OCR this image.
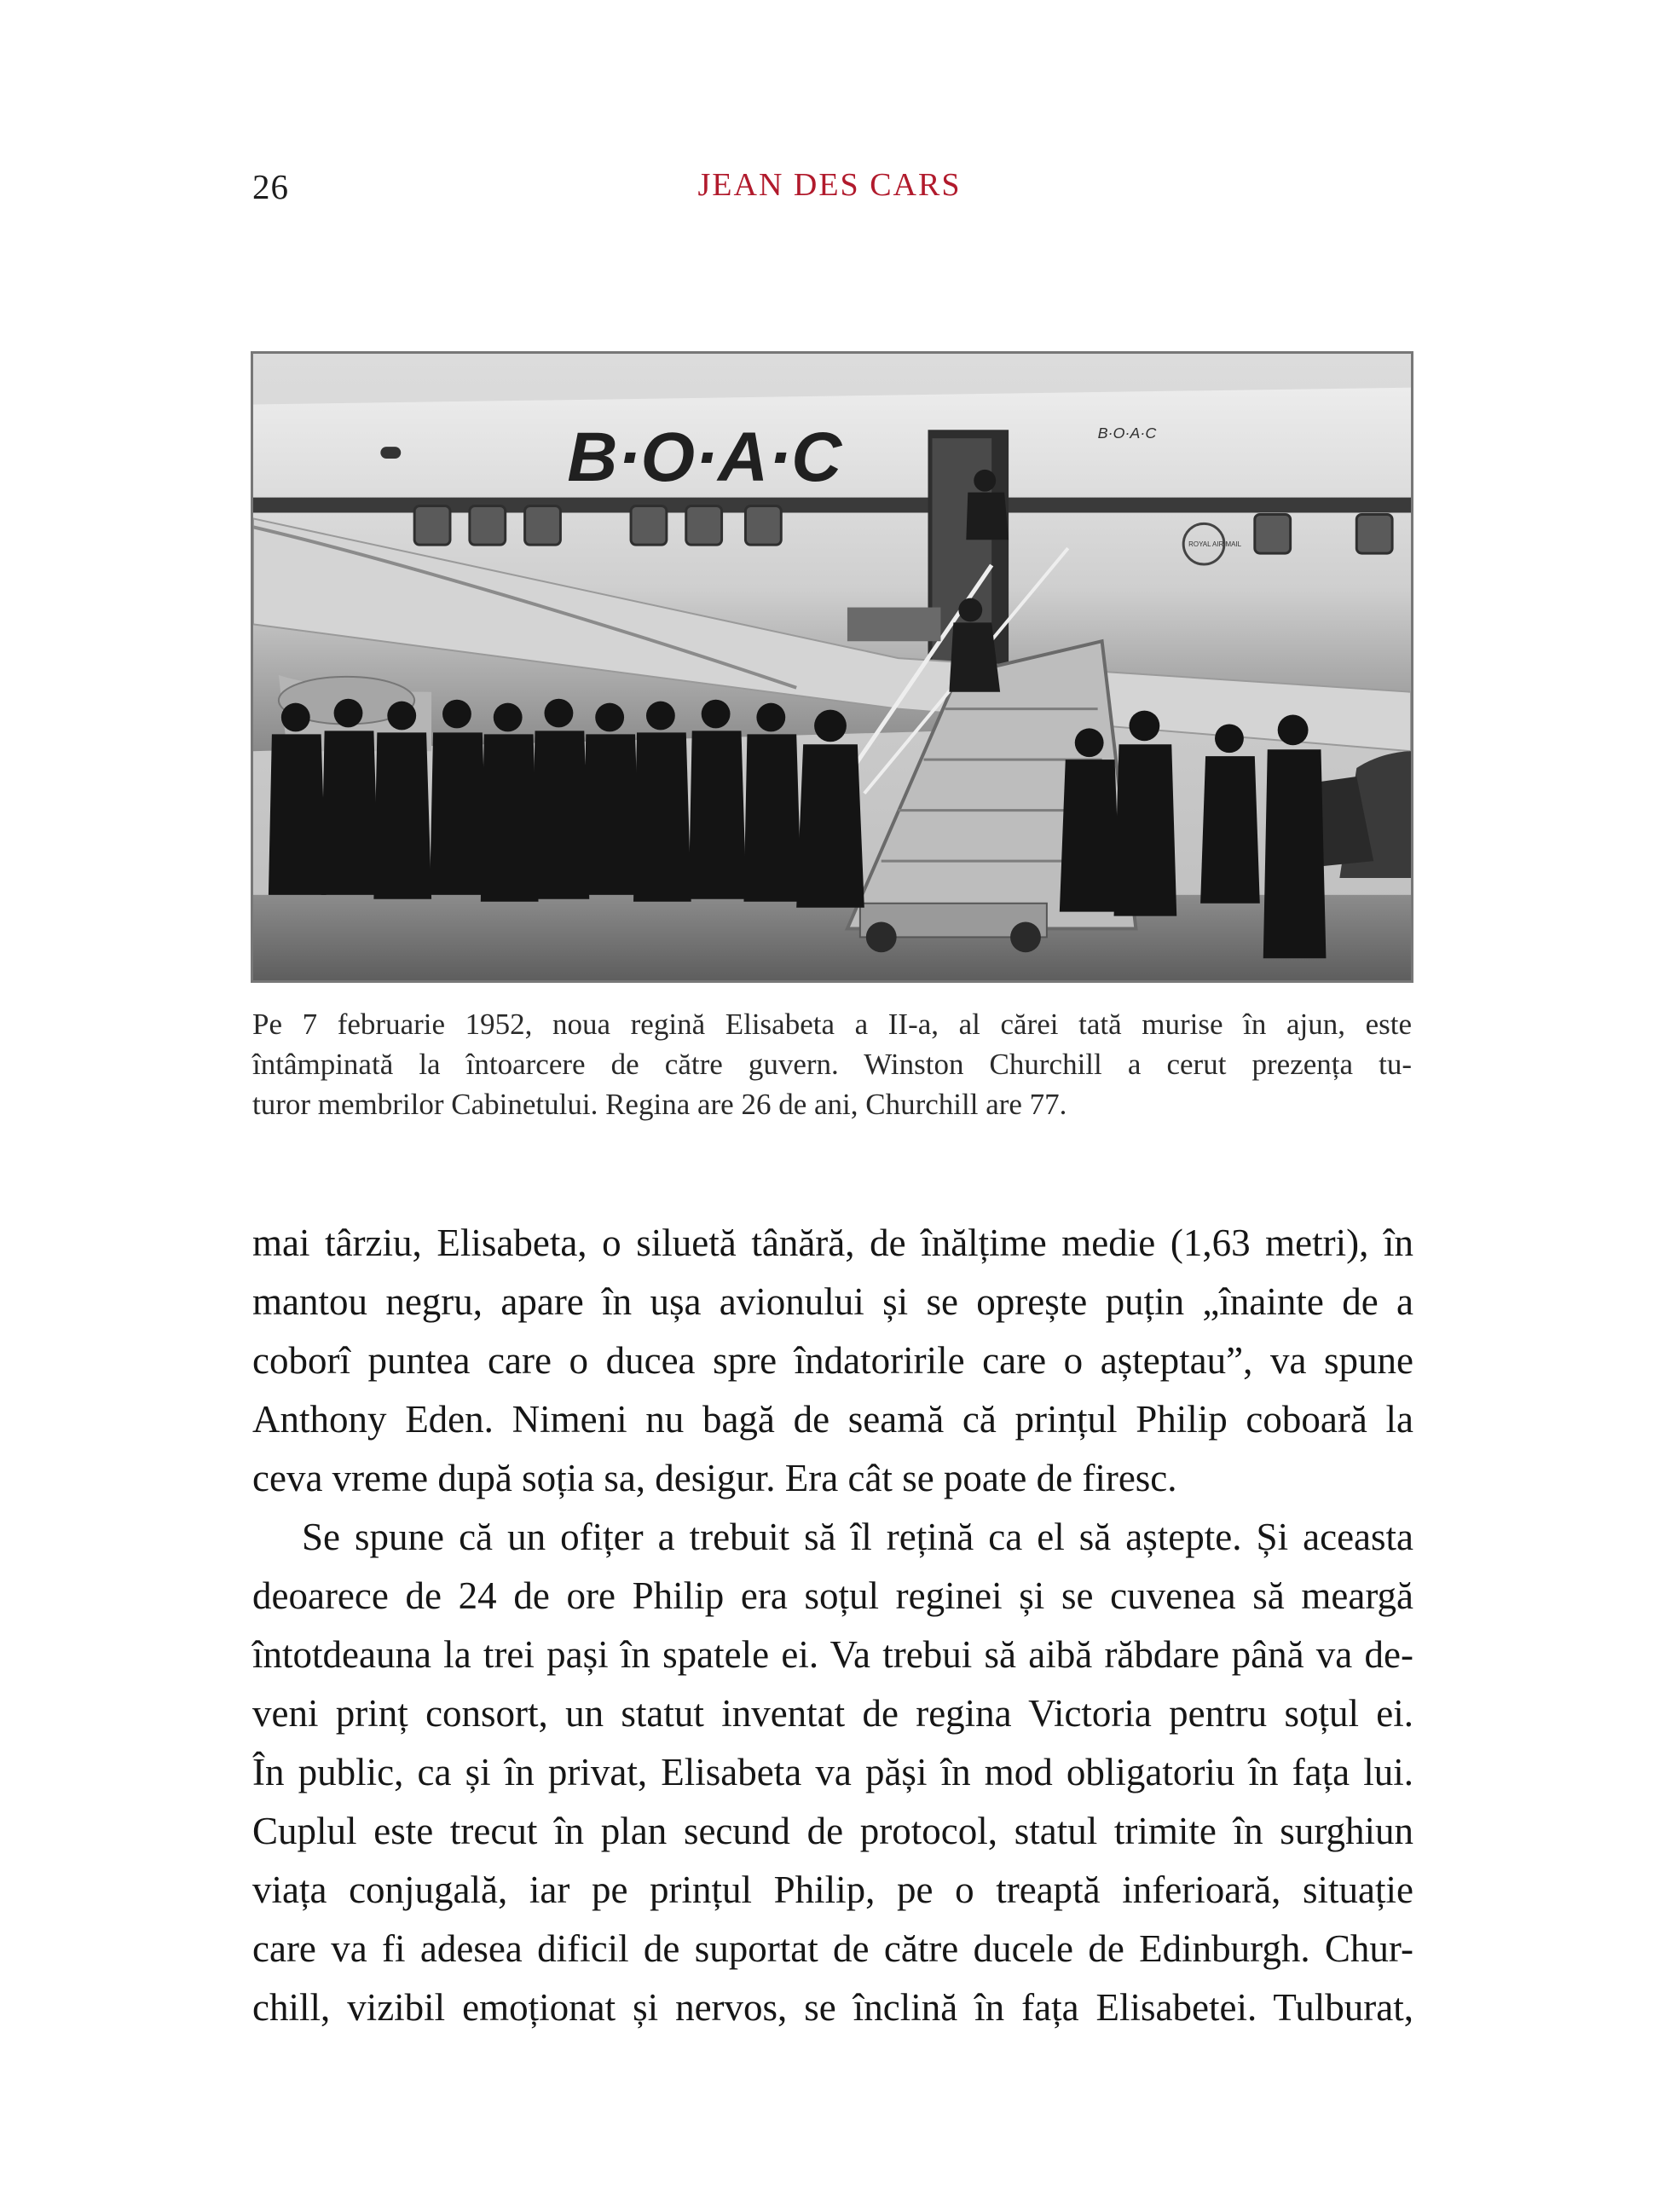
26	JEAN DES CARS
B·O·A·C	B·O·A·C
ROYAL AIR MAIL
Pe 7 februarie 1952, noua regină Elisabeta a II-a, al cărei tată murise în ajun, este
întâmpinată la întoarcere de către guvern. Winston Churchill a cerut prezența tu-
turor membrilor Cabinetului. Regina are 26 de ani, Churchill are 77.
mai târziu, Elisabeta, o siluetă tânără, de înălțime medie (1,63 metri), în
mantou negru, apare în ușa avionului și se oprește puțin „înainte de a
coborî puntea care o ducea spre îndatoririle care o așteptau”, va spune
Anthony Eden. Nimeni nu bagă de seamă că prințul Philip coboară la
ceva vreme după soția sa, desigur. Era cât se poate de firesc.
Se spune că un ofițer a trebuit să îl rețină ca el să aștepte. Și aceasta
deoarece de 24 de ore Philip era soțul reginei și se cuvenea să meargă
întotdeauna la trei pași în spatele ei. Va trebui să aibă răbdare până va de-
veni prinț consort, un statut inventat de regina Victoria pentru soțul ei.
În public, ca și în privat, Elisabeta va păși în mod obligatoriu în fața lui.
Cuplul este trecut în plan secund de protocol, statul trimite în surghiun
viața conjugală, iar pe prințul Philip, pe o treaptă inferioară, situație
care va fi adesea dificil de suportat de către ducele de Edinburgh. Chur-
chill, vizibil emoționat și nervos, se înclină în fața Elisabetei. Tulburat,
